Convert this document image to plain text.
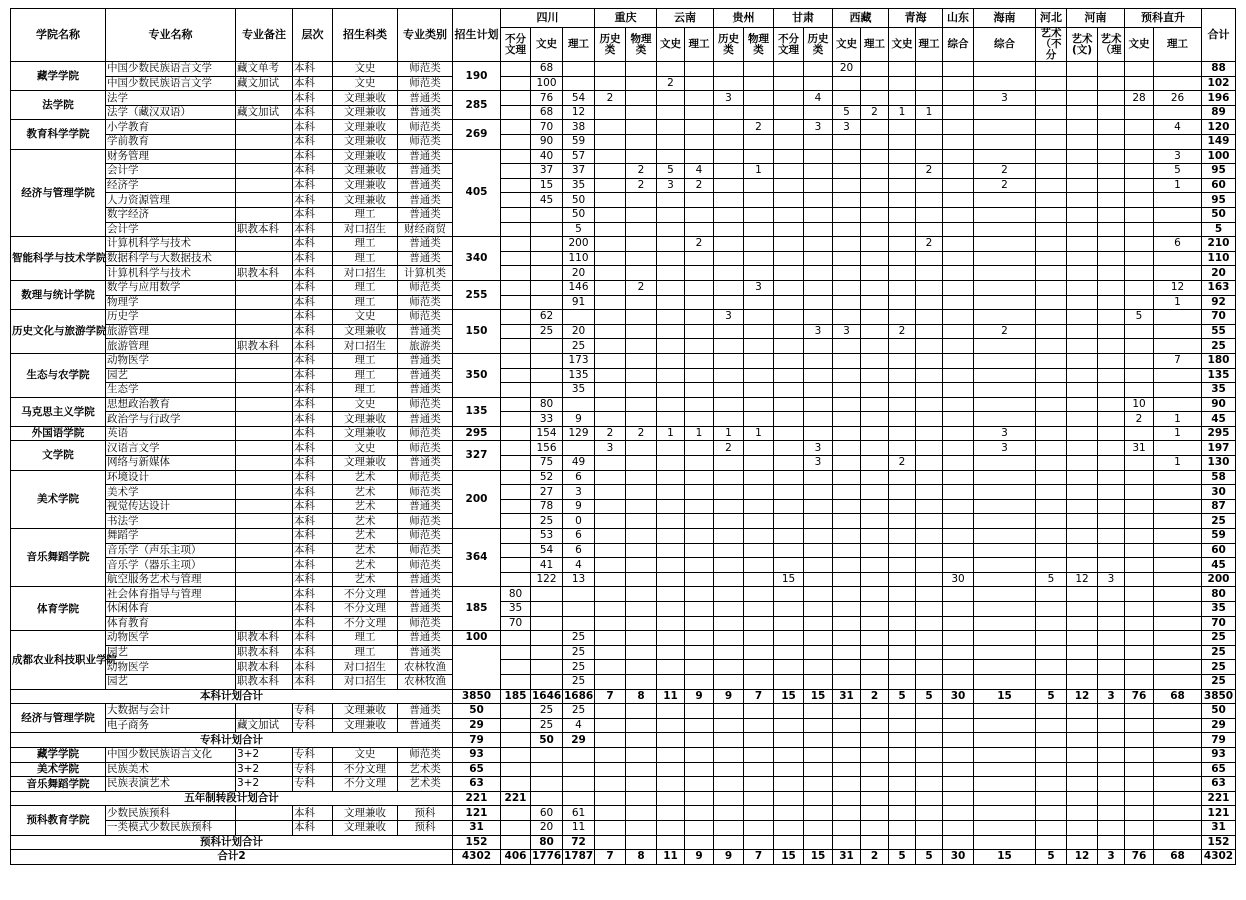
学院名称	专业名称	专业备注	层次	招生科类	专业类别	招生计划	四川			重庆		云南		贵州		甘肃		西藏		青海		山东	海南	河北	河南		预科直升		合计
							不分文理	文史	理工	历史类	物理类	文史	理工	历史类	物理类	不分文理	历史类	文史	理工	文史	理工	综合	综合	艺术（不分	艺术(文)	艺术（理	文史	理工	
藏学学院	中国少数民族语言文学	藏文单考	本科	文史	师范类	190		68										20											88
	中国少数民族语言文学	藏文加试	本科	文史	师范类			100				2																	102
法学院	法学		本科	文理兼收	普通类	285		76	54	2				3			4						3				28	26	196
	法学（藏汉双语）	藏文加试	本科	文理兼收	普通类			68	12									5	2	1	1								89
教育科学学院	小学教育		本科	文理兼收	师范类	269		70	38						2		3	3										4	120
	学前教育		本科	文理兼收	师范类			90	59																				149
经济与管理学院	财务管理		本科	文理兼收	普通类	405		40	57																			3	100
	会计学		本科	文理兼收	普通类			37	37		2	5	4		1						2		2					5	95
	经济学		本科	文理兼收	普通类			15	35		2	3	2										2					1	60
	人力资源管理		本科	文理兼收	普通类			45	50																				95
	数字经济		本科	理工	普通类				50																				50
	会计学	职教本科	本科	对口招生	财经商贸				5																				5
智能科学与技术学院	计算机科学与技术		本科	理工	普通类	340			200				2								2							6	210
	数据科学与大数据技术		本科	理工	普通类				110																				110
	计算机科学与技术	职教本科	本科	对口招生	计算机类				20																				20
数理与统计学院	数学与应用数学		本科	理工	师范类	255			146		2				3													12	163
	物理学		本科	理工	师范类				91																			1	92
历史文化与旅游学院	历史学		本科	文史	师范类	150		62						3													5		70
	旅游管理		本科	文理兼收	普通类			25	20								3	3		2			2						55
	旅游管理	职教本科	本科	对口招生	旅游类				25																				25
生态与农学院	动物医学		本科	理工	普通类	350			173																			7	180
	园艺		本科	理工	普通类				135																				135
	生态学		本科	理工	普通类				35																				35
马克思主义学院	思想政治教育		本科	文史	师范类	135		80																			10		90
	政治学与行政学		本科	文理兼收	普通类			33	9																		2	1	45
外国语学院	英语		本科	文理兼收	师范类	295		154	129	2	2	1	1	1	1								3					1	295
文学院	汉语言文学		本科	文史	师范类	327		156		3				2			3						3				31		197
	网络与新媒体		本科	文理兼收	普通类			75	49								3			2								1	130
美术学院	环境设计		本科	艺术	师范类	200		52	6																				58
	美术学		本科	艺术	师范类			27	3																				30
	视觉传达设计		本科	艺术	普通类			78	9																				87
	书法学		本科	艺术	师范类			25	0																				25
音乐舞蹈学院	舞蹈学		本科	艺术	师范类	364		53	6																				59
	音乐学（声乐主项）		本科	艺术	师范类			54	6																				60
	音乐学（器乐主项）		本科	艺术	师范类			41	4																				45
	航空服务艺术与管理		本科	艺术	普通类			122	13							15						30		5	12	3			200
体育学院	社会体育指导与管理		本科	不分文理	普通类	185	80																						80
	休闲体育		本科	不分文理	普通类		35																						35
	体育教育		本科	不分文理	师范类		70																						70
成都农业科技职业学院	动物医学	职教本科	本科	理工	普通类	100			25																				25
	园艺	职教本科	本科	理工	普通类				25																				25
	动物医学	职教本科	本科	对口招生	农林牧渔				25																				25
	园艺	职教本科	本科	对口招生	农林牧渔				25																				25
本科计划合计						3850	185	1646	1686	7	8	11	9	9	7	15	15	31	2	5	5	30	15	5	12	3	76	68	3850
经济与管理学院	大数据与会计		专科	文理兼收	普通类	50		25	25																				50
	电子商务	藏文加试	专科	文理兼收	普通类	29		25	4																				29
专科计划合计						79		50	29																				79
藏学学院	中国少数民族语言文化	3+2	专科	文史	师范类	93																							93
美术学院	民族美术	3+2	专科	不分文理	艺术类	65																							65
音乐舞蹈学院	民族表演艺术	3+2	专科	不分文理	艺术类	63																							63
五年制转段计划合计						221	221																						221
预科教育学院	少数民族预科		本科	文理兼收	预科	121		60	61																				121
	一类模式少数民族预科		本科	文理兼收	预科	31		20	11																				31
预科计划合计						152		80	72																				152
合计2						4302	406	1776	1787	7	8	11	9	9	7	15	15	31	2	5	5	30	15	5	12	3	76	68	4302
